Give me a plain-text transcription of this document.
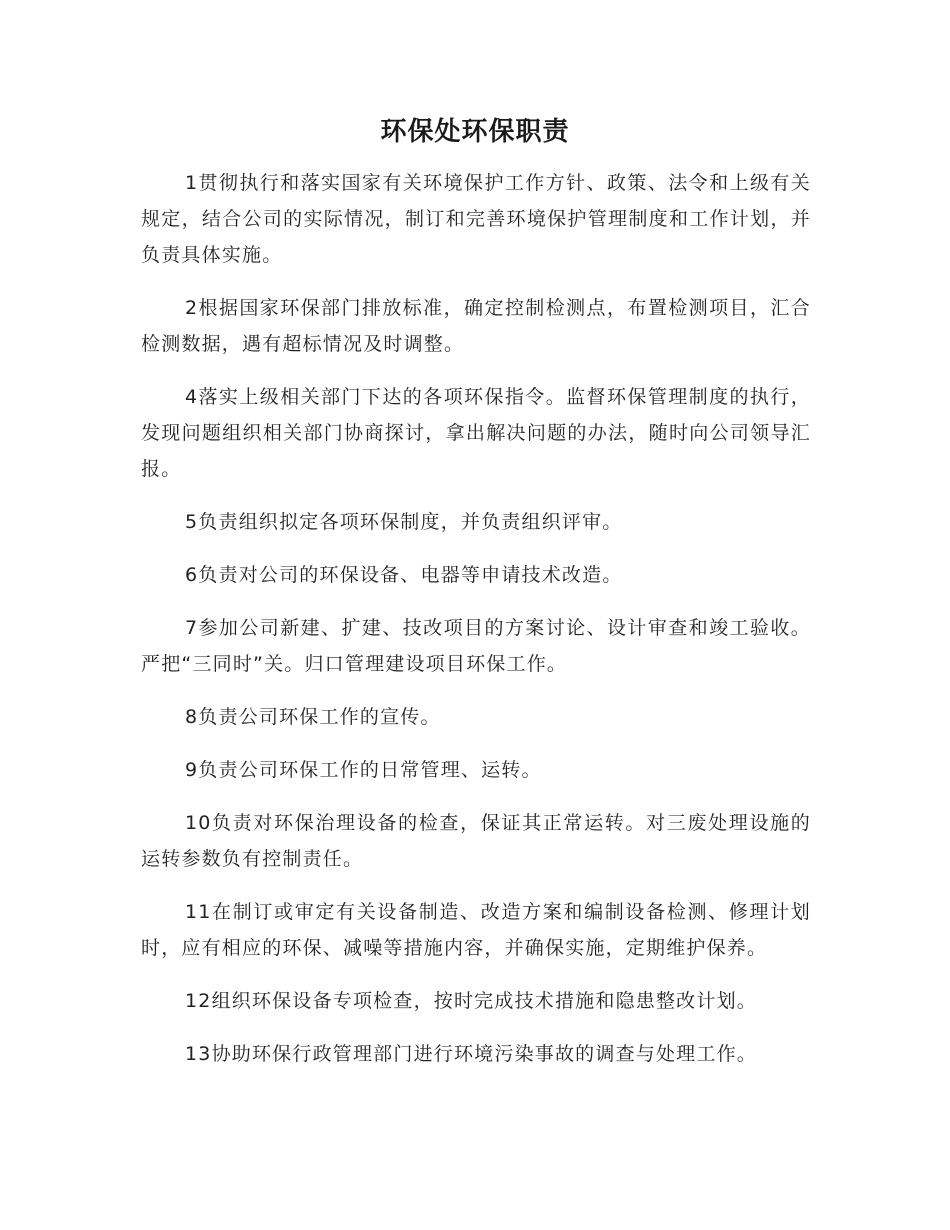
环保处环保职责

1贯彻执行和落实国家有关环境保护工作方针、政策、法令和上级有关规定，结合公司的实际情况，制订和完善环境保护管理制度和工作计划，并负责具体实施。

2根据国家环保部门排放标准，确定控制检测点，布置检测项目，汇合检测数据，遇有超标情况及时调整。

4落实上级相关部门下达的各项环保指令。监督环保管理制度的执行，发现问题组织相关部门协商探讨，拿出解决问题的办法，随时向公司领导汇报。

5负责组织拟定各项环保制度，并负责组织评审。

6负责对公司的环保设备、电器等申请技术改造。

7参加公司新建、扩建、技改项目的方案讨论、设计审查和竣工验收。严把“三同时”关。归口管理建设项目环保工作。

8负责公司环保工作的宣传。

9负责公司环保工作的日常管理、运转。

10负责对环保治理设备的检查，保证其正常运转。对三废处理设施的运转参数负有控制责任。

11在制订或审定有关设备制造、改造方案和编制设备检测、修理计划时，应有相应的环保、减噪等措施内容，并确保实施，定期维护保养。

12组织环保设备专项检查，按时完成技术措施和隐患整改计划。

13协助环保行政管理部门进行环境污染事故的调查与处理工作。
